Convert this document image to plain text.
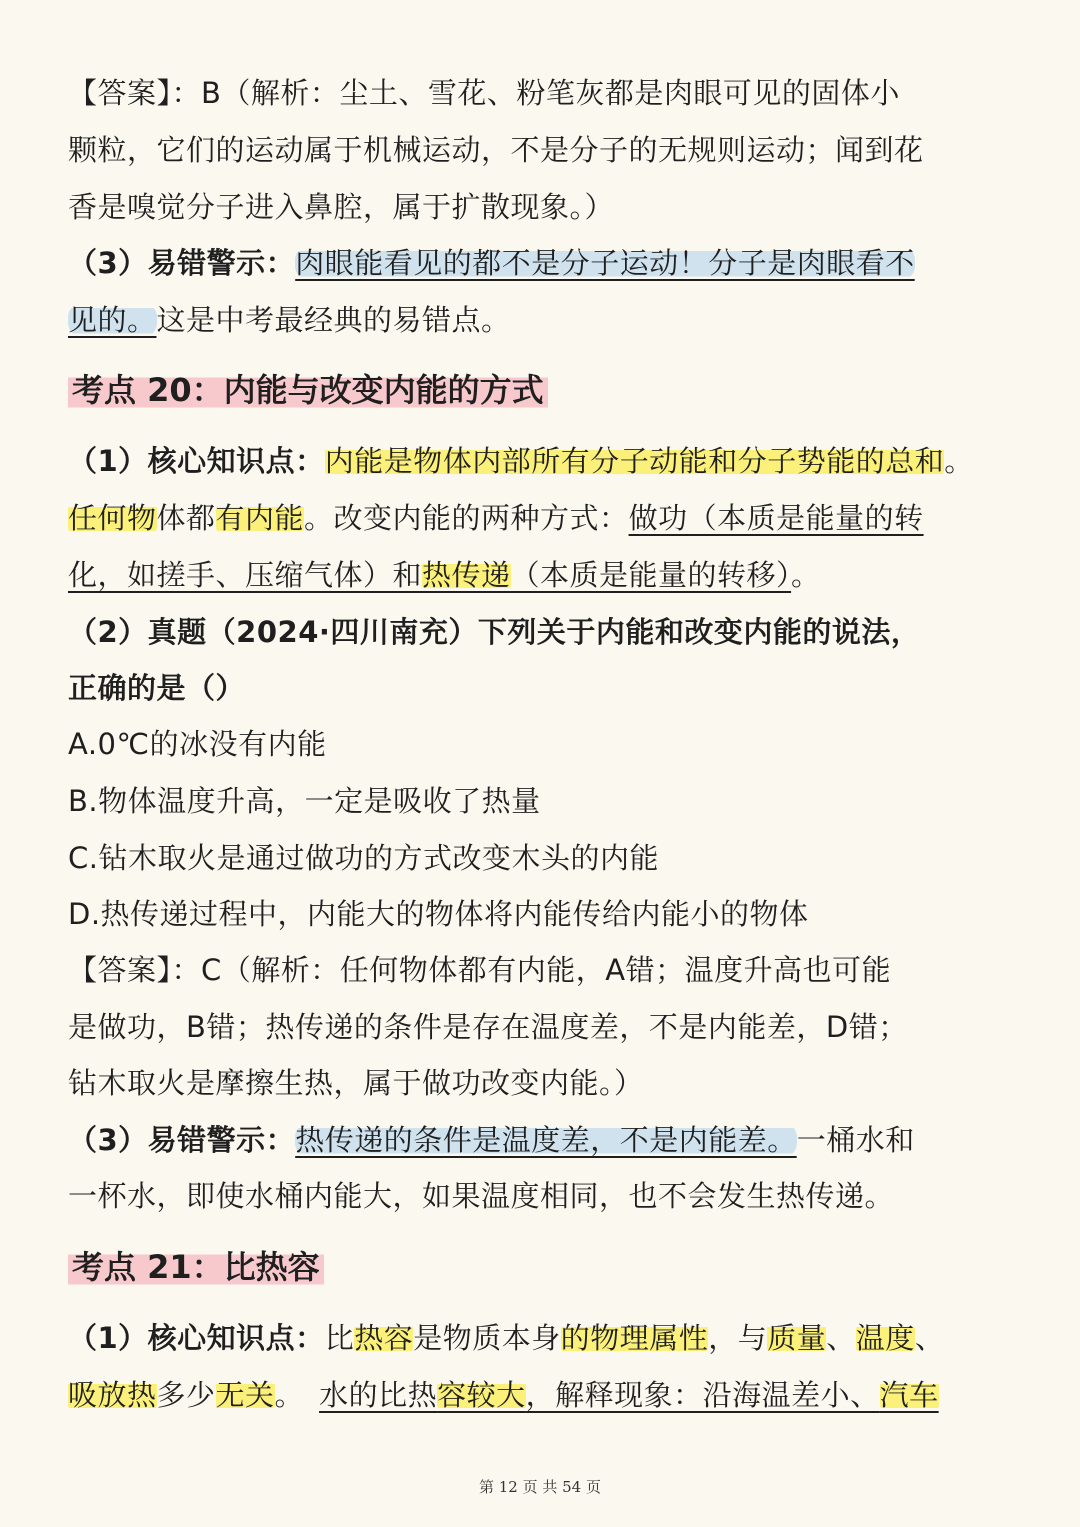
【答案】：B（解析：尘土、雪花、粉笔灰都是肉眼可见的固体小
颗粒，它们的运动属于机械运动，不是分子的无规则运动；闻到花
香是嗅觉分子进入鼻腔，属于扩散现象。）
（3）易错警示：肉眼能看见的都不是分子运动！分子是肉眼看不
见的。这是中考最经典的易错点。
考点 20：内能与改变内能的方式
（1）核心知识点：内能是物体内部所有分子动能和分子势能的总和。
任何物体都有内能。改变内能的两种方式：做功（本质是能量的转
化，如搓手、压缩气体）和热传递（本质是能量的转移）。
（2）真题（2024·四川南充）下列关于内能和改变内能的说法，
正确的是（）
A.0℃的冰没有内能
B.物体温度升高，一定是吸收了热量
C.钻木取火是通过做功的方式改变木头的内能
D.热传递过程中，内能大的物体将内能传给内能小的物体
【答案】：C（解析：任何物体都有内能，A错；温度升高也可能
是做功，B错；热传递的条件是存在温度差，不是内能差，D错；
钻木取火是摩擦生热，属于做功改变内能。）
（3）易错警示：热传递的条件是温度差，不是内能差。一桶水和
一杯水，即使水桶内能大，如果温度相同，也不会发生热传递。
考点 21：比热容
（1）核心知识点：比热容是物质本身的物理属性，与质量、温度、
吸放热多少无关。  水的比热容较大，解释现象：沿海温差小、汽车
第 12 页 共 54 页
